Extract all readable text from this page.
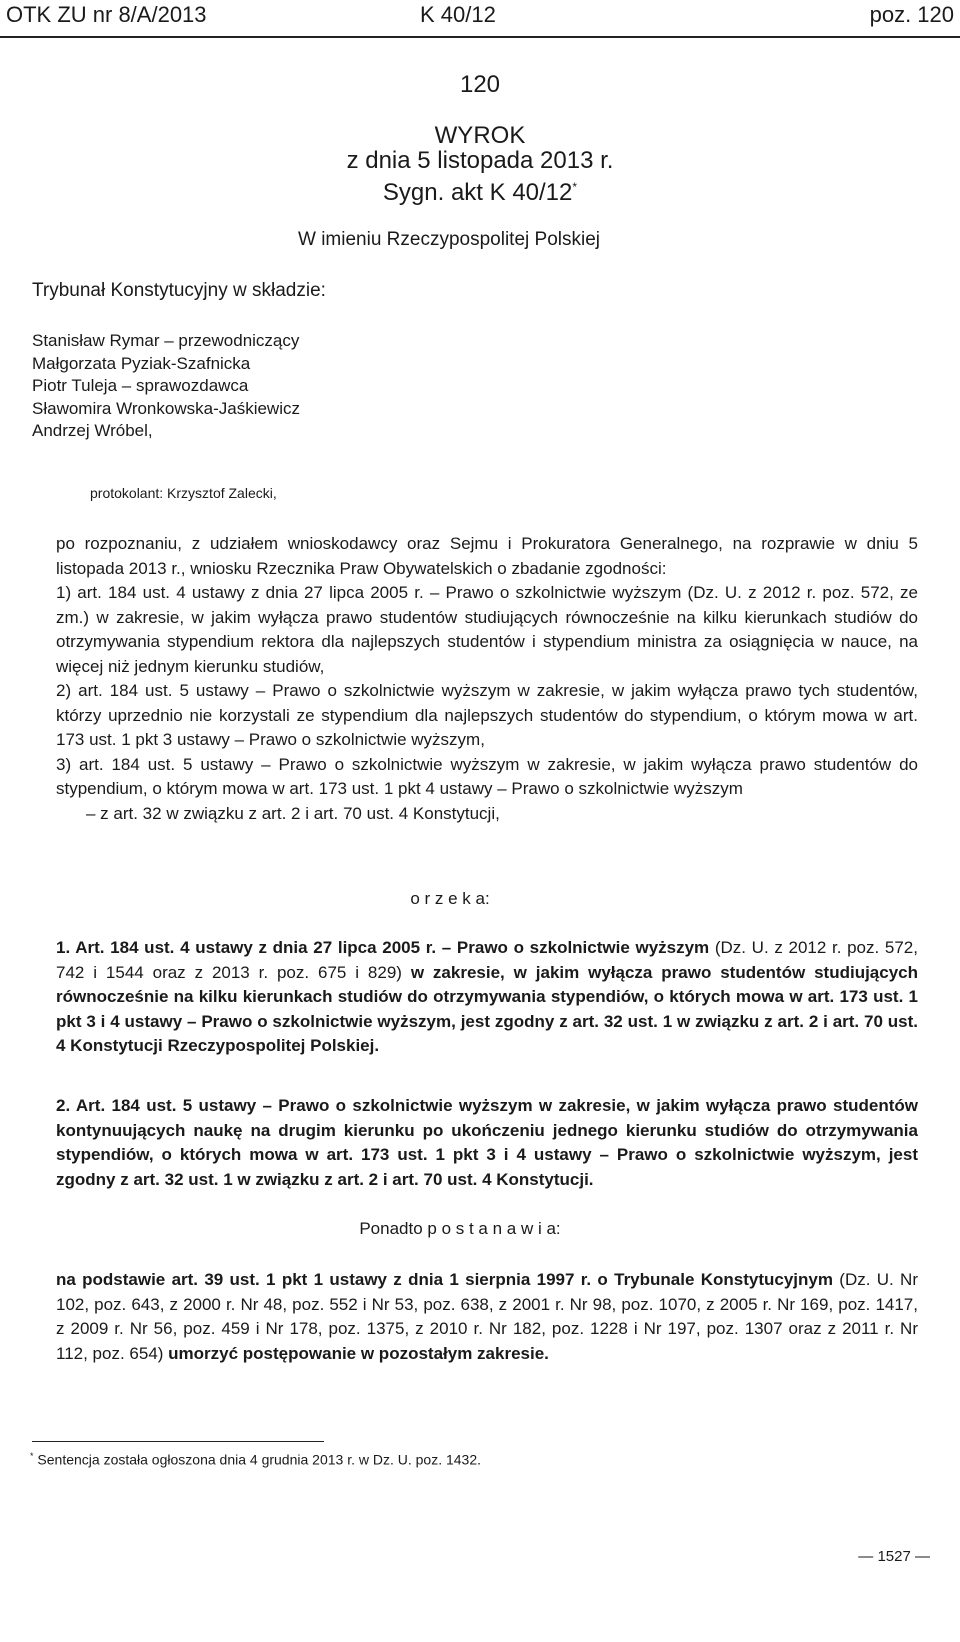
OTK ZU nr 8/A/2013	K 40/12	poz. 120
120
WYROK
z dnia 5 listopada 2013 r.
Sygn. akt K 40/12*
W imieniu Rzeczypospolitej Polskiej
Trybunał Konstytucyjny w składzie:
Stanisław Rymar – przewodniczący
Małgorzata Pyziak-Szafnicka
Piotr Tuleja – sprawozdawca
Sławomira Wronkowska-Jaśkiewicz
Andrzej Wróbel,
protokolant: Krzysztof Zalecki,

po rozpoznaniu, z udziałem wnioskodawcy oraz Sejmu i Prokuratora Generalnego, na rozprawie w dniu 5 listopada 2013 r., wniosku Rzecznika Praw Obywatelskich o zbadanie zgodności:

1) art. 184 ust. 4 ustawy z dnia 27 lipca 2005 r. – Prawo o szkolnictwie wyższym (Dz. U. z 2012 r. poz. 572, ze zm.) w zakresie, w jakim wyłącza prawo studentów studiujących równocześnie na kilku kierunkach studiów do otrzymywania stypendium rektora dla najlepszych studentów i stypendium ministra za osiągnięcia w nauce, na więcej niż jednym kierunku studiów,

2) art. 184 ust. 5 ustawy – Prawo o szkolnictwie wyższym w zakresie, w jakim wyłącza prawo tych studentów, którzy uprzednio nie korzystali ze stypendium dla najlepszych studentów do stypendium, o którym mowa w art. 173 ust. 1 pkt 3 ustawy – Prawo o szkolnictwie wyższym,

3) art. 184 ust. 5 ustawy – Prawo o szkolnictwie wyższym w zakresie, w jakim wyłącza prawo studentów do stypendium, o którym mowa w art. 173 ust. 1 pkt 4 ustawy – Prawo o szkolnictwie wyższym

– z art. 32 w związku z art. 2 i art. 70 ust. 4 Konstytucji,

o r z e k a:

1. Art. 184 ust. 4 ustawy z dnia 27 lipca 2005 r. – Prawo o szkolnictwie wyższym (Dz. U. z 2012 r. poz. 572, 742 i 1544 oraz z 2013 r. poz. 675 i 829) w zakresie, w jakim wyłącza prawo studentów studiujących równocześnie na kilku kierunkach studiów do otrzymywania stypendiów, o których mowa w art. 173 ust. 1 pkt 3 i 4 ustawy – Prawo o szkolnictwie wyższym, jest zgodny z art. 32 ust. 1 w związku z art. 2 i art. 70 ust. 4 Konstytucji Rzeczypospolitej Polskiej.

2. Art. 184 ust. 5 ustawy – Prawo o szkolnictwie wyższym w zakresie, w jakim wyłącza prawo studentów kontynuujących naukę na drugim kierunku po ukończeniu jednego kierunku studiów do otrzymywania stypendiów, o których mowa w art. 173 ust. 1 pkt 3 i 4 ustawy – Prawo o szkolnictwie wyższym, jest zgodny z art. 32 ust. 1 w związku z art. 2 i art. 70 ust. 4 Konstytucji.

Ponadto p o s t a n a w i a:

na podstawie art. 39 ust. 1 pkt 1 ustawy z dnia 1 sierpnia 1997 r. o Trybunale Konstytucyjnym (Dz. U. Nr 102, poz. 643, z 2000 r. Nr 48, poz. 552 i Nr 53, poz. 638, z 2001 r. Nr 98, poz. 1070, z 2005 r. Nr 169, poz. 1417, z 2009 r. Nr 56, poz. 459 i Nr 178, poz. 1375, z 2010 r. Nr 182, poz. 1228 i Nr 197, poz. 1307 oraz z 2011 r. Nr 112, poz. 654) umorzyć postępowanie w pozostałym zakresie.

* Sentencja została ogłoszona dnia 4 grudnia 2013 r. w Dz. U. poz. 1432.
— 1527 —
